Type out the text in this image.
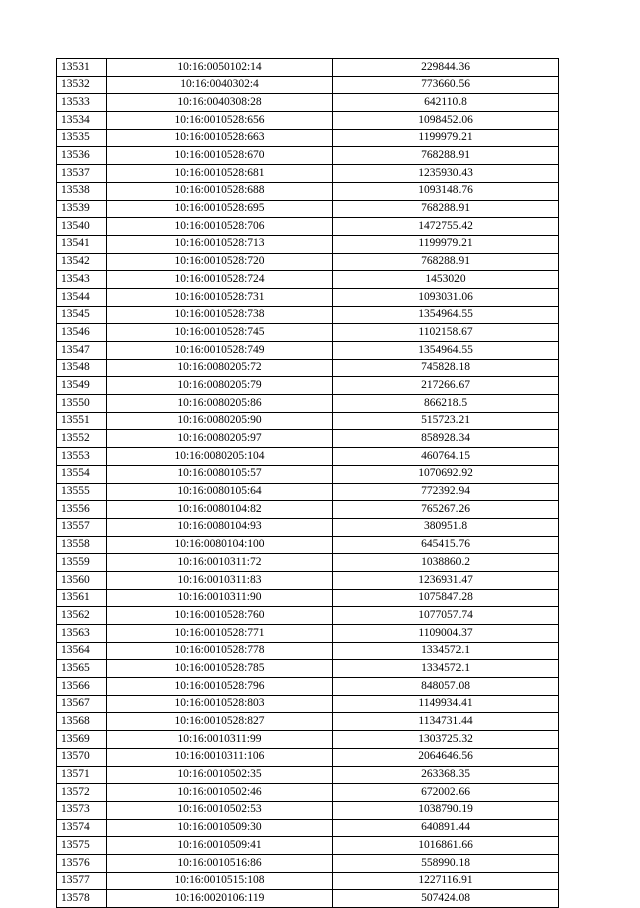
13531	10:16:0050102:14	229844.36
13532	10:16:0040302:4	773660.56
13533	10:16:0040308:28	642110.8
13534	10:16:0010528:656	1098452.06
13535	10:16:0010528:663	1199979.21
13536	10:16:0010528:670	768288.91
13537	10:16:0010528:681	1235930.43
13538	10:16:0010528:688	1093148.76
13539	10:16:0010528:695	768288.91
13540	10:16:0010528:706	1472755.42
13541	10:16:0010528:713	1199979.21
13542	10:16:0010528:720	768288.91
13543	10:16:0010528:724	1453020
13544	10:16:0010528:731	1093031.06
13545	10:16:0010528:738	1354964.55
13546	10:16:0010528:745	1102158.67
13547	10:16:0010528:749	1354964.55
13548	10:16:0080205:72	745828.18
13549	10:16:0080205:79	217266.67
13550	10:16:0080205:86	866218.5
13551	10:16:0080205:90	515723.21
13552	10:16:0080205:97	858928.34
13553	10:16:0080205:104	460764.15
13554	10:16:0080105:57	1070692.92
13555	10:16:0080105:64	772392.94
13556	10:16:0080104:82	765267.26
13557	10:16:0080104:93	380951.8
13558	10:16:0080104:100	645415.76
13559	10:16:0010311:72	1038860.2
13560	10:16:0010311:83	1236931.47
13561	10:16:0010311:90	1075847.28
13562	10:16:0010528:760	1077057.74
13563	10:16:0010528:771	1109004.37
13564	10:16:0010528:778	1334572.1
13565	10:16:0010528:785	1334572.1
13566	10:16:0010528:796	848057.08
13567	10:16:0010528:803	1149934.41
13568	10:16:0010528:827	1134731.44
13569	10:16:0010311:99	1303725.32
13570	10:16:0010311:106	2064646.56
13571	10:16:0010502:35	263368.35
13572	10:16:0010502:46	672002.66
13573	10:16:0010502:53	1038790.19
13574	10:16:0010509:30	640891.44
13575	10:16:0010509:41	1016861.66
13576	10:16:0010516:86	558990.18
13577	10:16:0010515:108	1227116.91
13578	10:16:0020106:119	507424.08
